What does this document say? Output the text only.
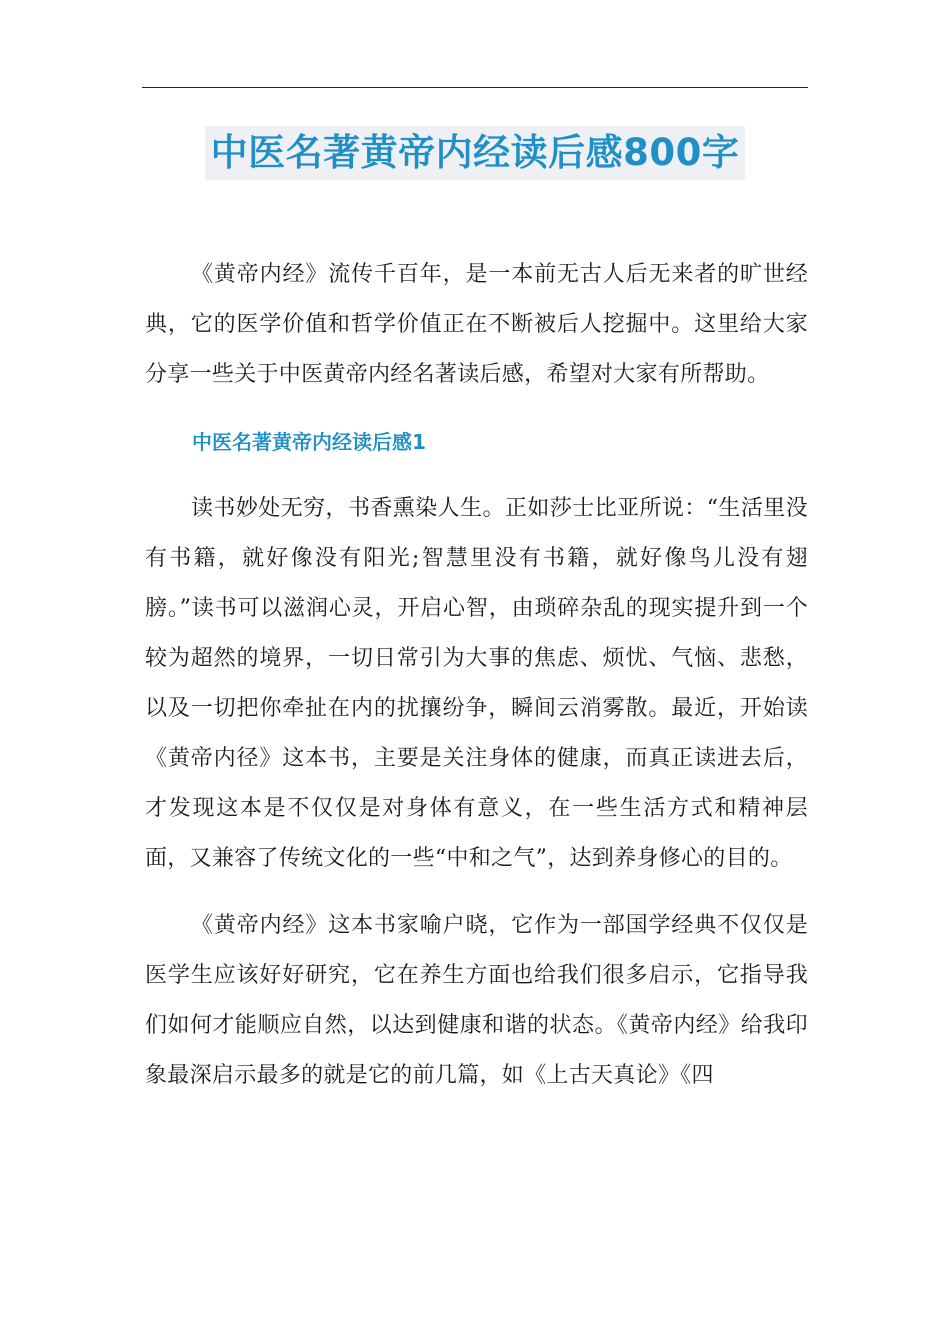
中医名著黄帝内经读后感800字

《黄帝内经》流传千百年，是一本前无古人后无来者的旷世经典，它的医学价值和哲学价值正在不断被后人挖掘中。这里给大家分享一些关于中医黄帝内经名著读后感，希望对大家有所帮助。

中医名著黄帝内经读后感1

读书妙处无穷，书香熏染人生。正如莎士比亚所说：“生活里没有书籍，就好像没有阳光;智慧里没有书籍，就好像鸟儿没有翅膀。”读书可以滋润心灵，开启心智，由琐碎杂乱的现实提升到一个较为超然的境界，一切日常引为大事的焦虑、烦忧、气恼、悲愁，以及一切把你牵扯在内的扰攘纷争，瞬间云消雾散。最近，开始读《黄帝内径》这本书，主要是关注身体的健康，而真正读进去后，才发现这本是不仅仅是对身体有意义，在一些生活方式和精神层面，又兼容了传统文化的一些“中和之气”，达到养身修心的目的。

《黄帝内经》这本书家喻户晓，它作为一部国学经典不仅仅是医学生应该好好研究，它在养生方面也给我们很多启示，它指导我们如何才能顺应自然，以达到健康和谐的状态。《黄帝内经》给我印象最深启示最多的就是它的前几篇，如《上古天真论》《四
